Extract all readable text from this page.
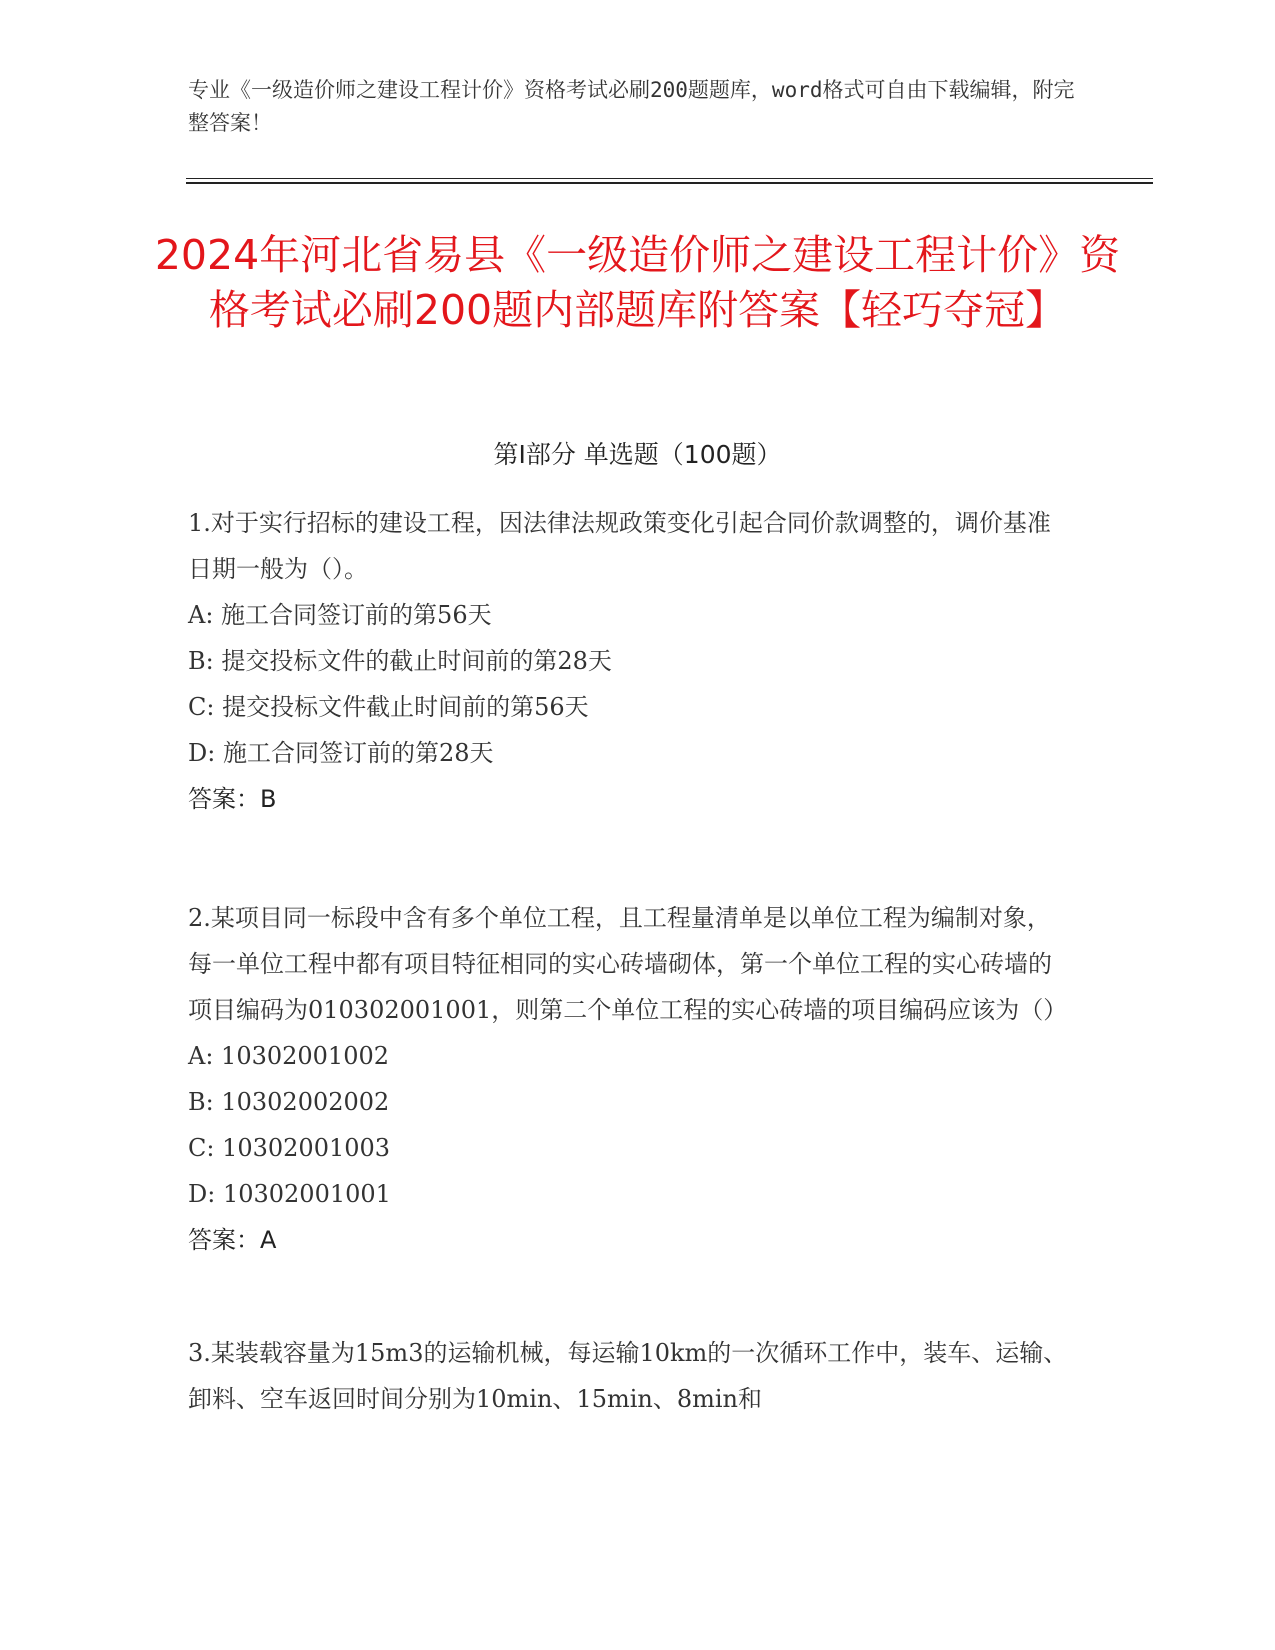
专业《一级造价师之建设工程计价》资格考试必刷200题题库，word格式可自由下载编辑，附完整答案！
2024年河北省易县《一级造价师之建设工程计价》资格考试必刷200题内部题库附答案【轻巧夺冠】
第I部分 单选题（100题）
1.对于实行招标的建设工程，因法律法规政策变化引起合同价款调整的，调价基准日期一般为（）。
A: 施工合同签订前的第56天
B: 提交投标文件的截止时间前的第28天
C: 提交投标文件截止时间前的第56天
D: 施工合同签订前的第28天
答案：B
2.某项目同一标段中含有多个单位工程，且工程量清单是以单位工程为编制对象，每一单位工程中都有项目特征相同的实心砖墙砌体，第一个单位工程的实心砖墙的项目编码为010302001001，则第二个单位工程的实心砖墙的项目编码应该为（）
A: 10302001002
B: 10302002002
C: 10302001003
D: 10302001001
答案：A
3.某装载容量为15m3的运输机械，每运输10km的一次循环工作中，装车、运输、卸料、空车返回时间分别为10min、15min、8min和
